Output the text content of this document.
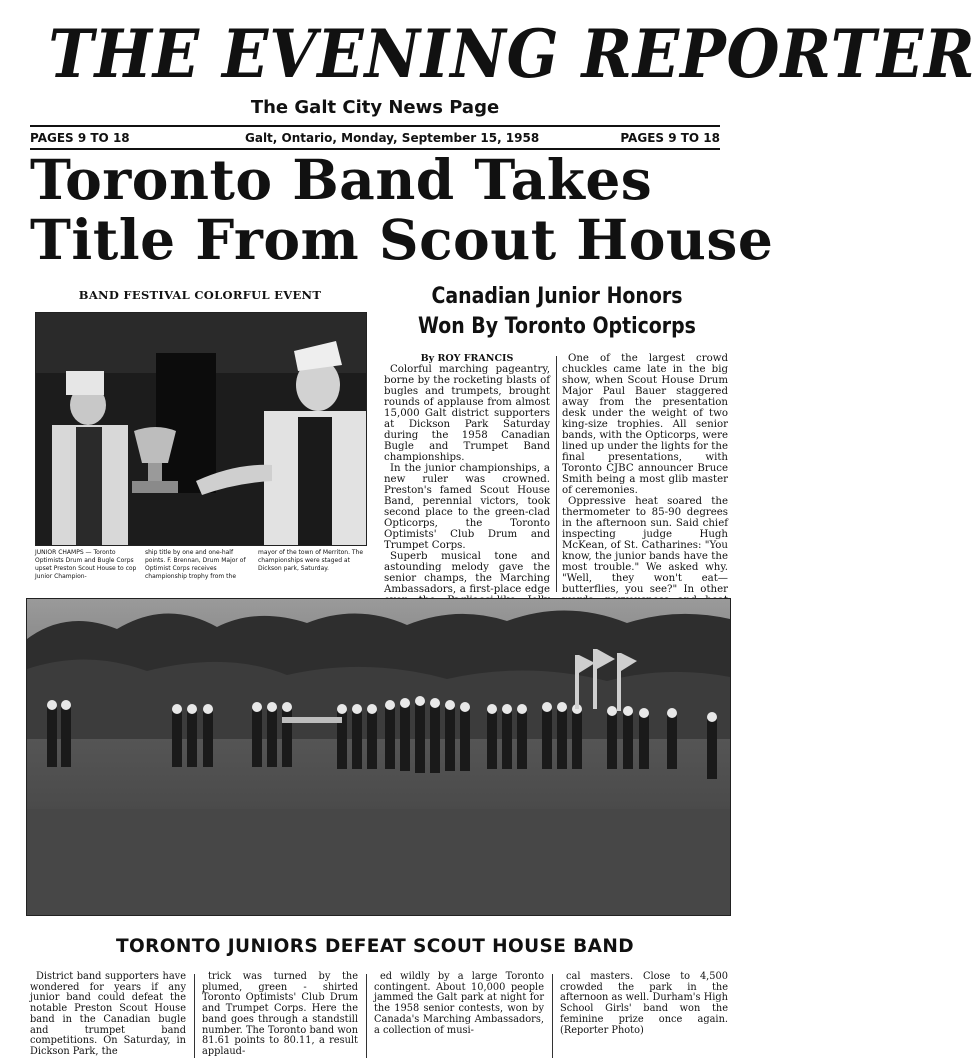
THE EVENING REPORTER
The Galt City News Page
PAGES 9 TO 18	Galt, Ontario, Monday, September 15, 1958	PAGES 9 TO 18
Toronto Band Takes
Title From Scout House
BAND FESTIVAL COLORFUL EVENT
JUNIOR CHAMPS — Toronto Optimists Drum and Bugle Corps upset Preston Scout House to cop Junior Champion-
ship title by one and one-half points. F. Brennan, Drum Major of Optimist Corps receives championship trophy from the
mayor of the town of Merriton. The championships were staged at Dickson park, Saturday.
Canadian Junior Honors
Won By Toronto Opticorps

By ROY FRANCIS

Colorful marching pageantry, borne by the rocketing blasts of bugles and trumpets, brought rounds of applause from almost 15,000 Galt district supporters at Dickson Park Saturday during the 1958 Canadian Bugle and Trumpet Band championships.

In the junior championships, a new ruler was crowned. Preston's famed Scout House Band, perennial victors, took second place to the green-clad Opticorps, the Toronto Optimists' Club Drum and Trumpet Corps.

Superb musical tone and astounding melody gave the senior champs, the Marching Ambassadors, a first-place edge

One of the largest crowd chuckles came late in the big show, when Scout House Drum Major Paul Bauer staggered away from the presentation desk under the weight of two king-size trophies. All senior bands, with the Opticorps, were lined up under the lights for the final presentations, with Toronto CJBC announcer Bruce Smith being a most glib master of ceremonies.

Oppressive heat soared the thermometer to 85-90 degrees in the afternoon sun. Said chief inspecting judge Hugh McKean, of St. Catharines: "You know, the junior bands have the most trouble." We asked why. "Well, they won't eat—butterflies, you see?" In other

TORONTO JUNIORS DEFEAT SCOUT HOUSE BAND

District band supporters have wondered for years if any junior band could defeat the notable Preston Scout House band in the Canadian bugle and trumpet band competitions. On Saturday, in Dickson Park, the

trick was turned by the plumed, green - shirted Toronto Optimists' Club Drum and Trumpet Corps. Here the band goes through a standstill number. The Toronto band won 81.61 points to 80.11, a result applaud-

ed wildly by a large Toronto contingent. About 10,000 people jammed the Galt park at night for the 1958 senior contests, won by Canada's Marching Ambassadors, a collection of musi-

cal masters. Close to 4,500 crowded the park in the afternoon as well. Durham's High School Girls' band won the feminine prize once again. (Reporter Photo)
